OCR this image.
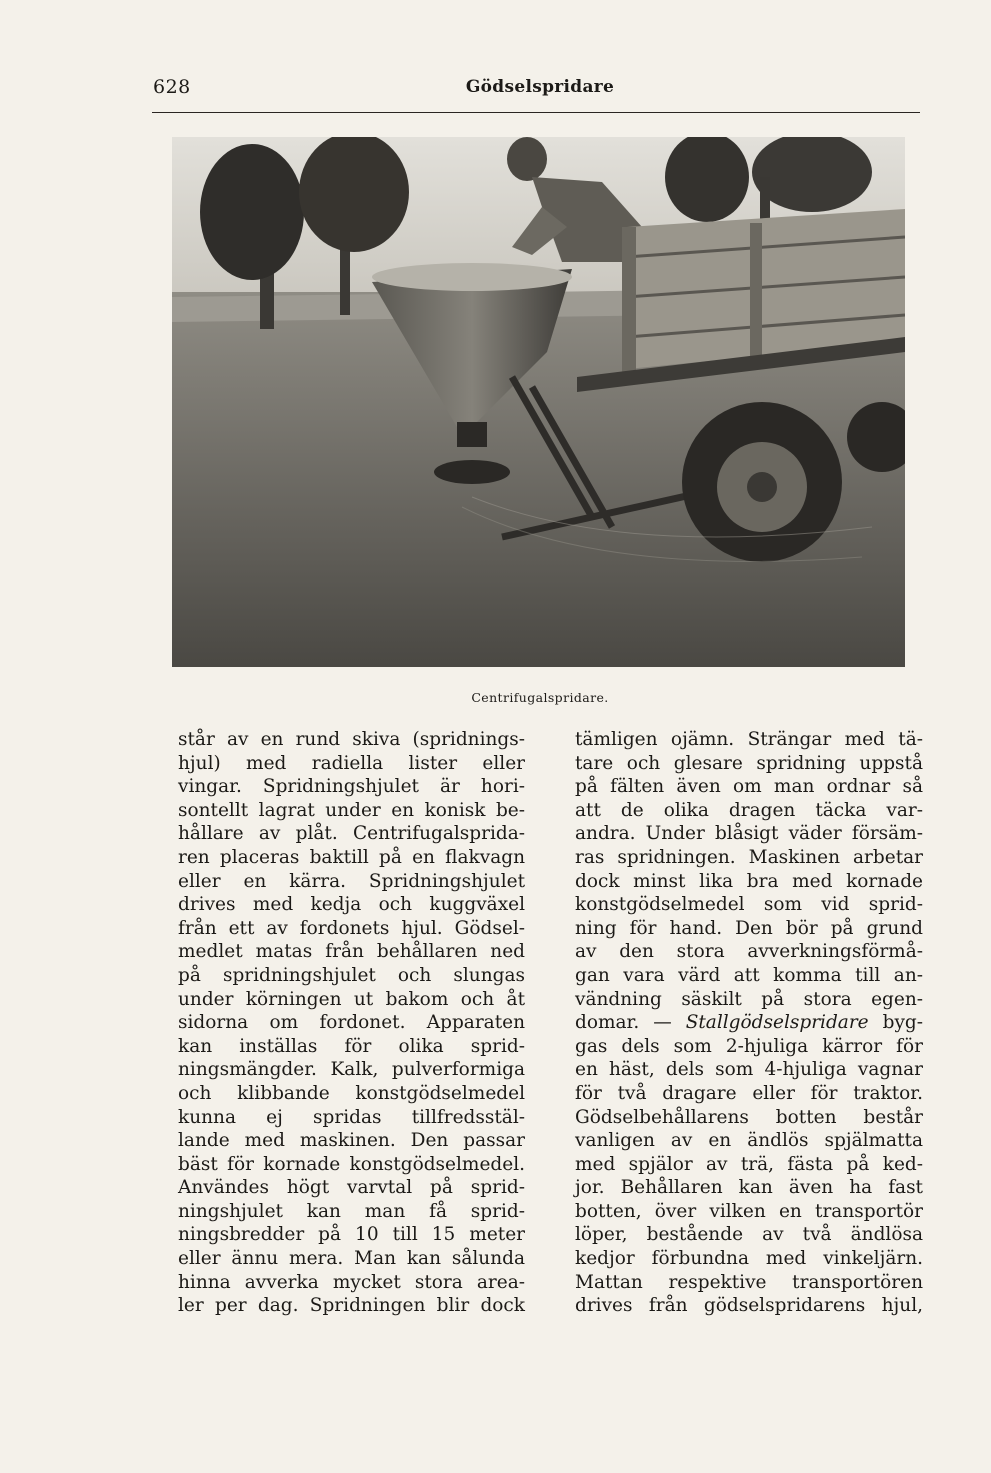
628	Gödselspridare
Centrifugalspridare.
står av en rund skiva (spridnings-
hjul) med radiella lister eller
vingar. Spridningshjulet är hori-
sontellt lagrat under en konisk be-
hållare av plåt. Centrifugalsprida-
ren placeras baktill på en flakvagn
eller en kärra. Spridningshjulet
drives med kedja och kuggväxel
från ett av fordonets hjul. Gödsel-
medlet matas från behållaren ned
på spridningshjulet och slungas
under körningen ut bakom och åt
sidorna om fordonet. Apparaten
kan inställas för olika sprid-
ningsmängder. Kalk, pulverformiga
och klibbande konstgödselmedel
kunna ej spridas tillfredsstäl-
lande med maskinen. Den passar
bäst för kornade konstgödselmedel.
Användes högt varvtal på sprid-
ningshjulet kan man få sprid-
ningsbredder på 10 till 15 meter
eller ännu mera. Man kan sålunda
hinna avverka mycket stora area-
ler per dag. Spridningen blir dock
tämligen ojämn. Strängar med tä-
tare och glesare spridning uppstå
på fälten även om man ordnar så
att de olika dragen täcka var-
andra. Under blåsigt väder försäm-
ras spridningen. Maskinen arbetar
dock minst lika bra med kornade
konstgödselmedel som vid sprid-
ning för hand. Den bör på grund
av den stora avverkningsförmå-
gan vara värd att komma till an-
vändning säskilt på stora egen-
domar. — Stallgödselspridare byg-
gas dels som 2-hjuliga kärror för
en häst, dels som 4-hjuliga vagnar
för två dragare eller för traktor.
Gödselbehållarens botten består
vanligen av en ändlös spjälmatta
med spjälor av trä, fästa på ked-
jor. Behållaren kan även ha fast
botten, över vilken en transportör
löper, bestående av två ändlösa
kedjor förbundna med vinkeljärn.
Mattan respektive transportören
drives från gödselspridarens hjul,
